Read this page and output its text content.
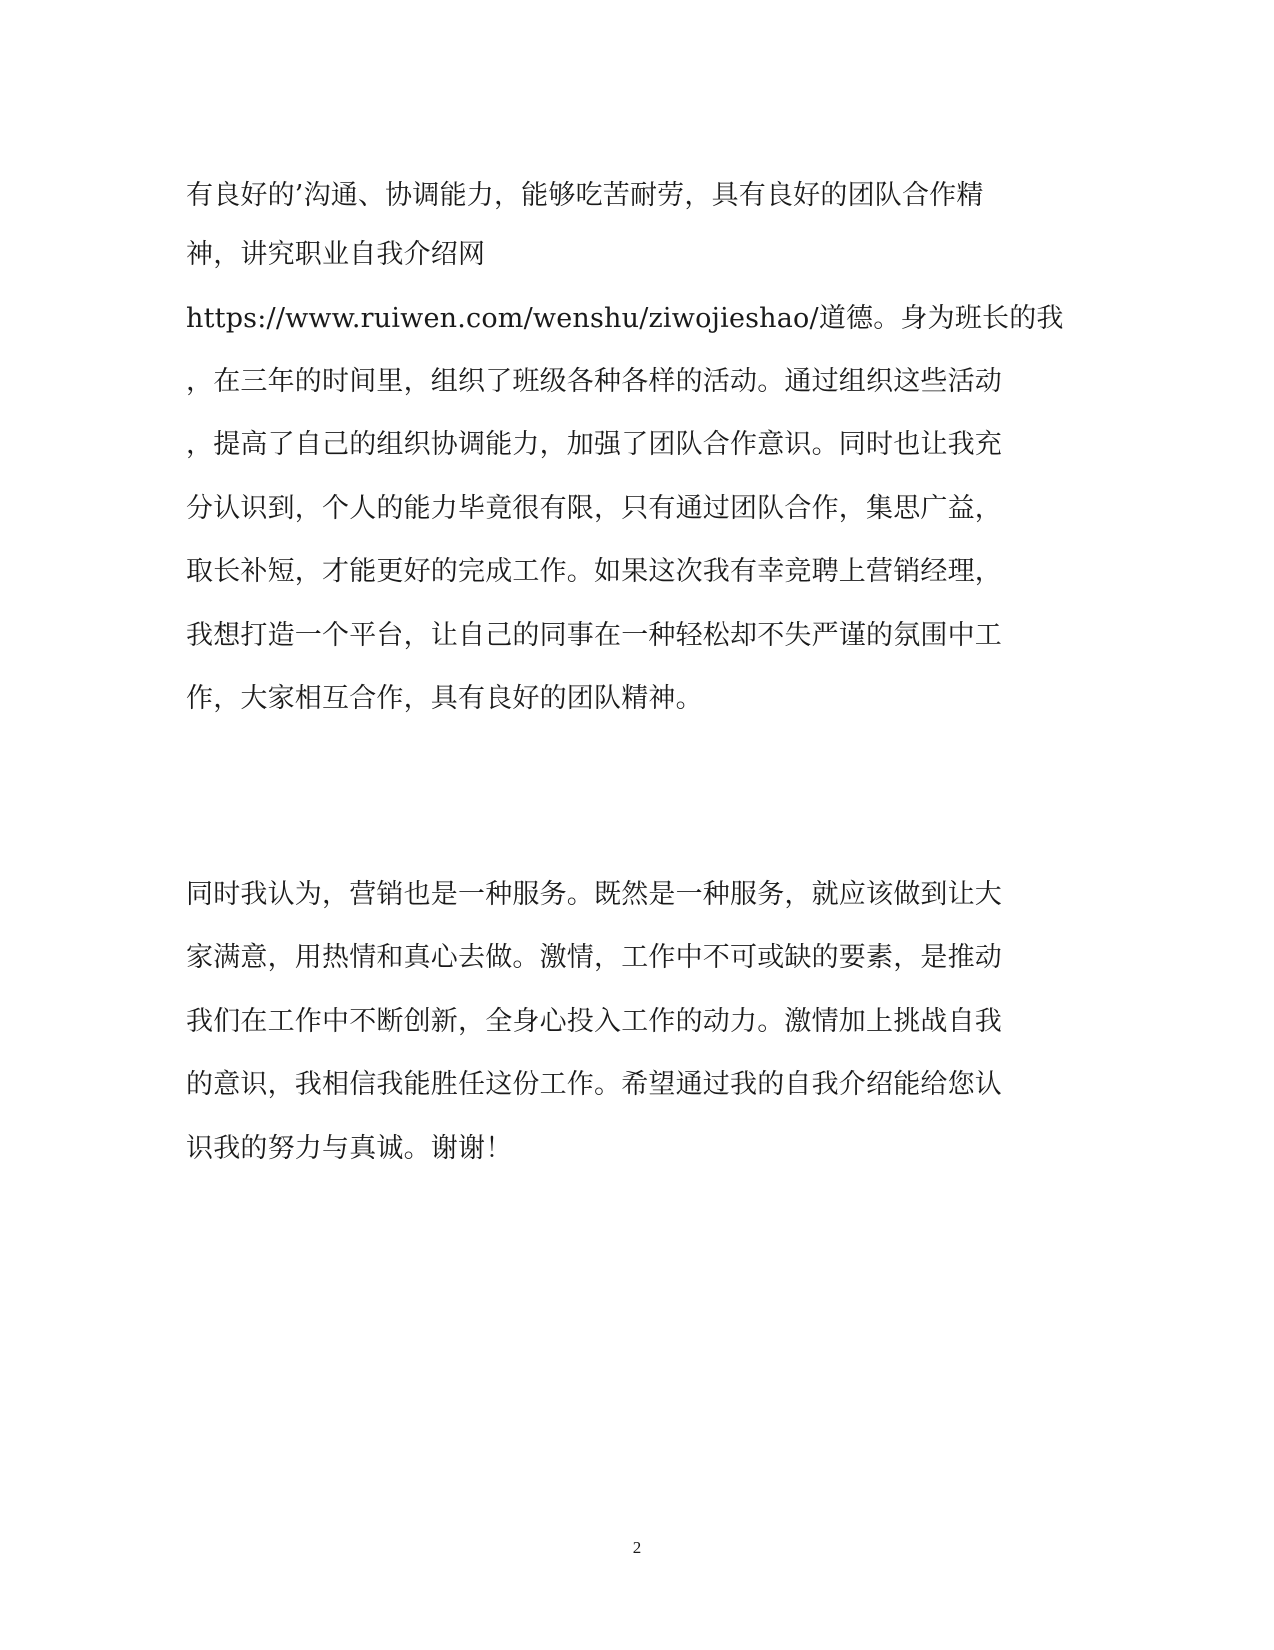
有良好的’沟通、协调能力，能够吃苦耐劳，具有良好的团队合作精
神，讲究职业自我介绍网
https://www.ruiwen.com/wenshu/ziwojieshao/道德。身为班长的我
，在三年的时间里，组织了班级各种各样的活动。通过组织这些活动
，提高了自己的组织协调能力，加强了团队合作意识。同时也让我充
分认识到，个人的能力毕竟很有限，只有通过团队合作，集思广益，
取长补短，才能更好的完成工作。如果这次我有幸竞聘上营销经理，
我想打造一个平台，让自己的同事在一种轻松却不失严谨的氛围中工
作，大家相互合作，具有良好的团队精神。
同时我认为，营销也是一种服务。既然是一种服务，就应该做到让大
家满意，用热情和真心去做。激情，工作中不可或缺的要素，是推动
我们在工作中不断创新，全身心投入工作的动力。激情加上挑战自我
的意识，我相信我能胜任这份工作。希望通过我的自我介绍能给您认
识我的努力与真诚。谢谢！
2
